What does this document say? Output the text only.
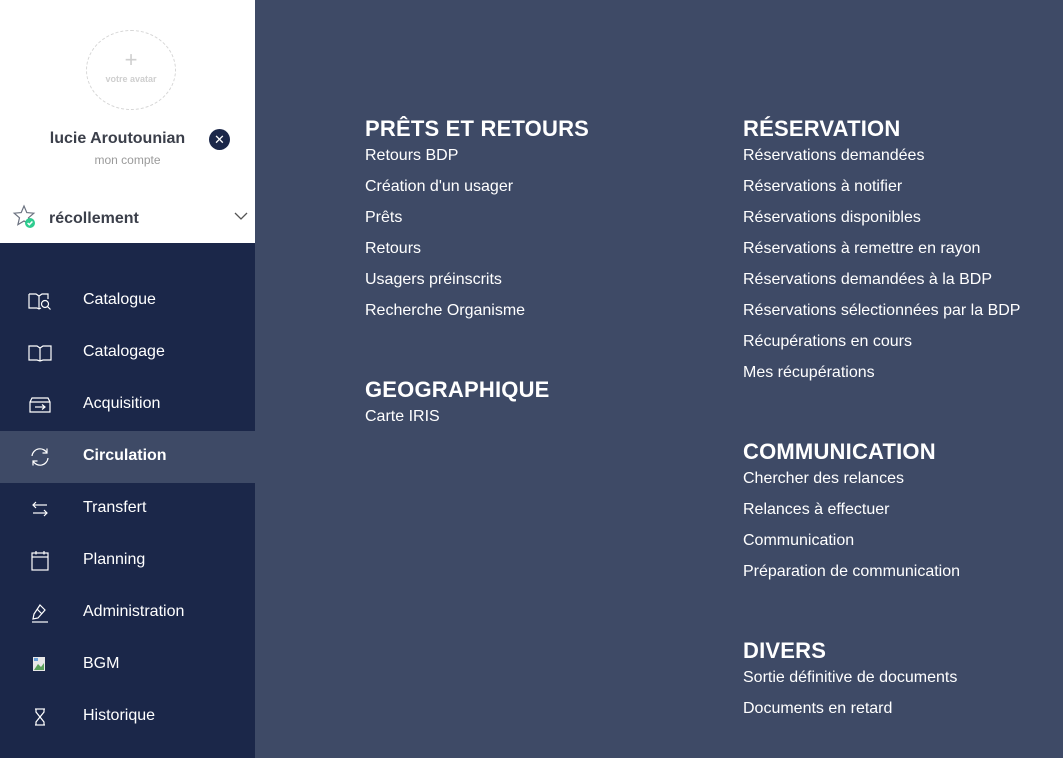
+
votre avatar
lucie Aroutounian	✕
mon compte
récollement
Catalogue
Catalogage
Acquisition
Circulation
Transfert
Planning
Administration
BGM
Historique
PRÊTS ET RETOURS
Retours BDP
Création d'un usager
Prêts
Retours
Usagers préinscrits
Recherche Organisme
GEOGRAPHIQUE
Carte IRIS
RÉSERVATION
Réservations demandées
Réservations à notifier
Réservations disponibles
Réservations à remettre en rayon
Réservations demandées à la BDP
Réservations sélectionnées par la BDP
Récupérations en cours
Mes récupérations
COMMUNICATION
Chercher des relances
Relances à effectuer
Communication
Préparation de communication
DIVERS
Sortie définitive de documents
Documents en retard
